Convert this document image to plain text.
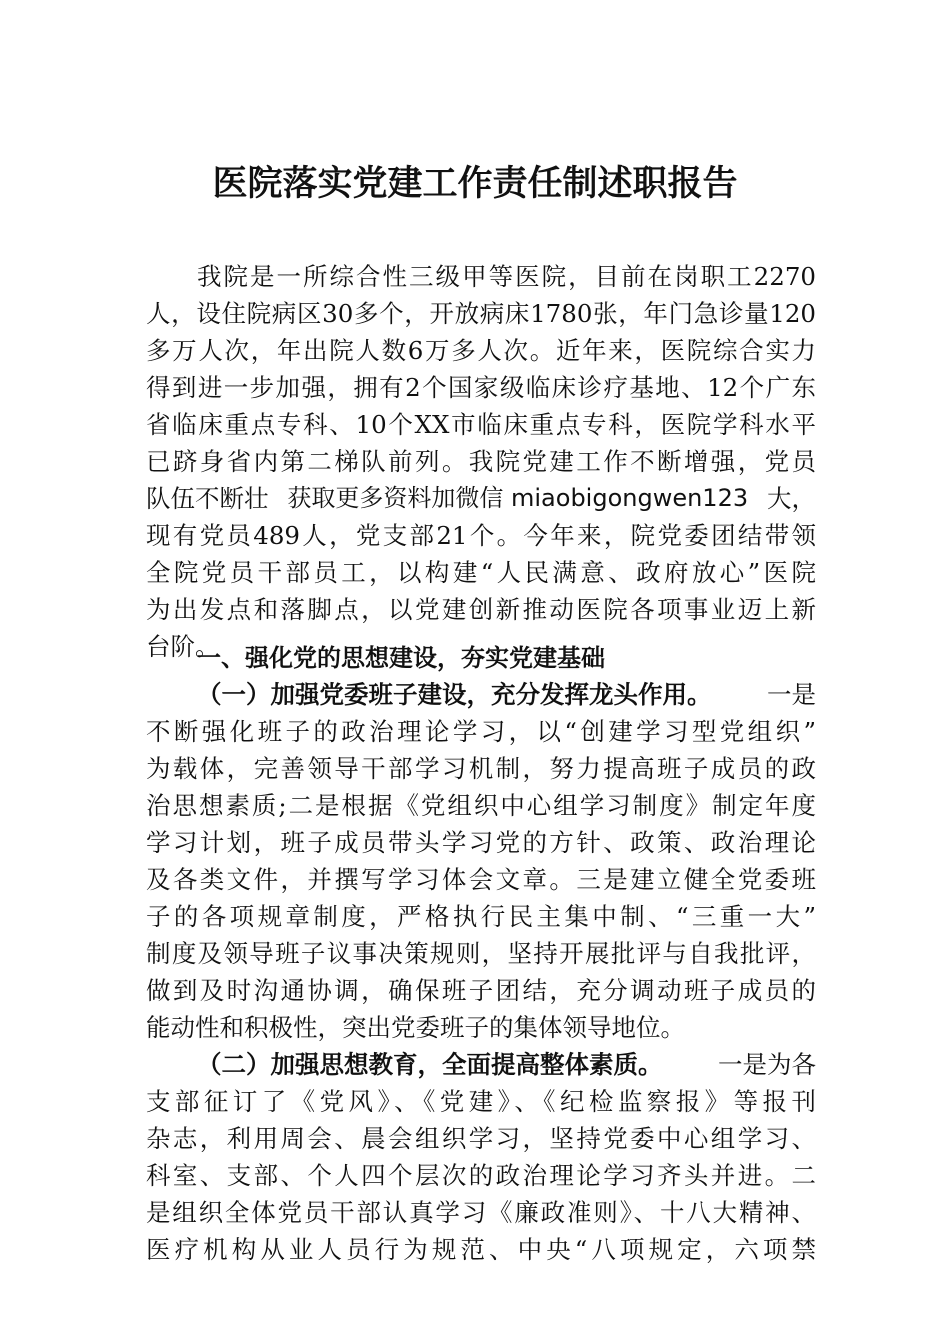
医院落实党建工作责任制述职报告
我院是一所综合性三级甲等医院，目前在岗职工2270
人，设住院病区30多个，开放病床1780张，年门急诊量120
多万人次，年出院人数6万多人次。近年来，医院综合实力
得到进一步加强，拥有2个国家级临床诊疗基地、12个广东
省临床重点专科、10个XX市临床重点专科，医院学科水平
已跻身省内第二梯队前列。我院党建工作不断增强，党员
队伍不断壮 获取更多资料加微信 miaobigongwen123 大，
现有党员489人，党支部21个。今年来，院党委团结带领
全院党员干部员工，以构建“人民满意、政府放心”医院
为出发点和落脚点，以党建创新推动医院各项事业迈上新
台阶。
一、强化党的思想建设，夯实党建基础
（一）加强党委班子建设，充分发挥龙头作用。 一是
不断强化班子的政治理论学习，以“创建学习型党组织”
为载体，完善领导干部学习机制，努力提高班子成员的政
治思想素质;二是根据《党组织中心组学习制度》制定年度
学习计划，班子成员带头学习党的方针、政策、政治理论
及各类文件，并撰写学习体会文章。三是建立健全党委班
子的各项规章制度，严格执行民主集中制、“三重一大”
制度及领导班子议事决策规则，坚持开展批评与自我批评，
做到及时沟通协调，确保班子团结，充分调动班子成员的
能动性和积极性，突出党委班子的集体领导地位。
（二）加强思想教育，全面提高整体素质。 一是为各
支部征订了《党风》、《党建》、《纪检监察报》等报刊
杂志，利用周会、晨会组织学习，坚持党委中心组学习、
科室、支部、个人四个层次的政治理论学习齐头并进。二
是组织全体党员干部认真学习《廉政准则》、十八大精神、
医疗机构从业人员行为规范、中央“八项规定，六项禁
